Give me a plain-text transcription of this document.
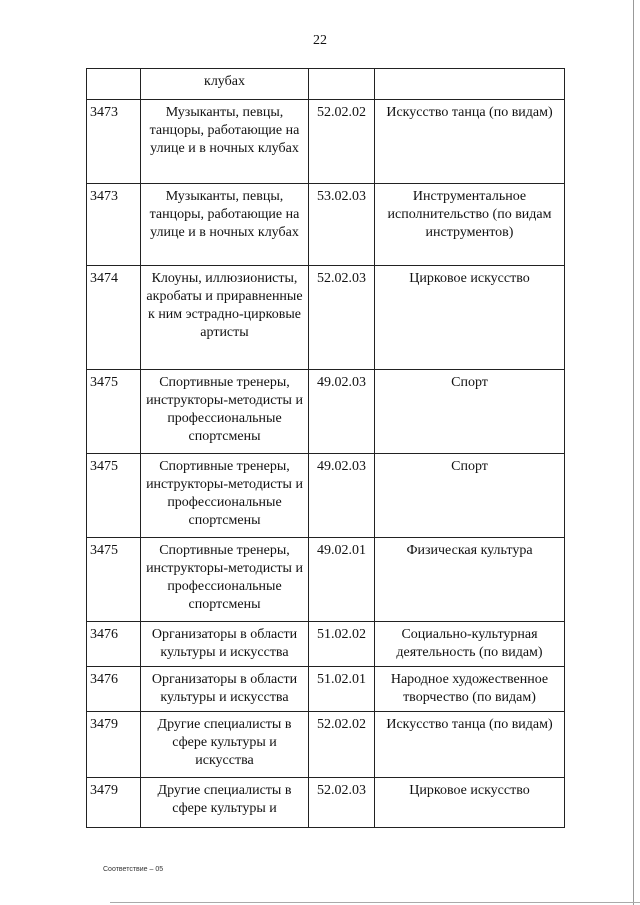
22
	клубах		
3473	Музыканты, певцы, танцоры, работающие на улице и в ночных клубах	52.02.02	Искусство танца (по видам)
3473	Музыканты, певцы, танцоры, работающие на улице и в ночных клубах	53.02.03	Инструментальное исполнительство (по видам инструментов)
3474	Клоуны, иллюзионисты, акробаты и приравненные к ним эстрадно-цирковые артисты	52.02.03	Цирковое искусство
3475	Спортивные тренеры, инструкторы-методисты и профессиональные спортсмены	49.02.03	Спорт
3475	Спортивные тренеры, инструкторы-методисты и профессиональные спортсмены	49.02.03	Спорт
3475	Спортивные тренеры, инструкторы-методисты и профессиональные спортсмены	49.02.01	Физическая культура
3476	Организаторы в области культуры и искусства	51.02.02	Социально-культурная деятельность (по видам)
3476	Организаторы в области культуры и искусства	51.02.01	Народное художественное творчество (по видам)
3479	Другие специалисты в сфере культуры и искусства	52.02.02	Искусство танца (по видам)
3479	Другие специалисты в сфере культуры и	52.02.03	Цирковое искусство
Соответствие – 05
